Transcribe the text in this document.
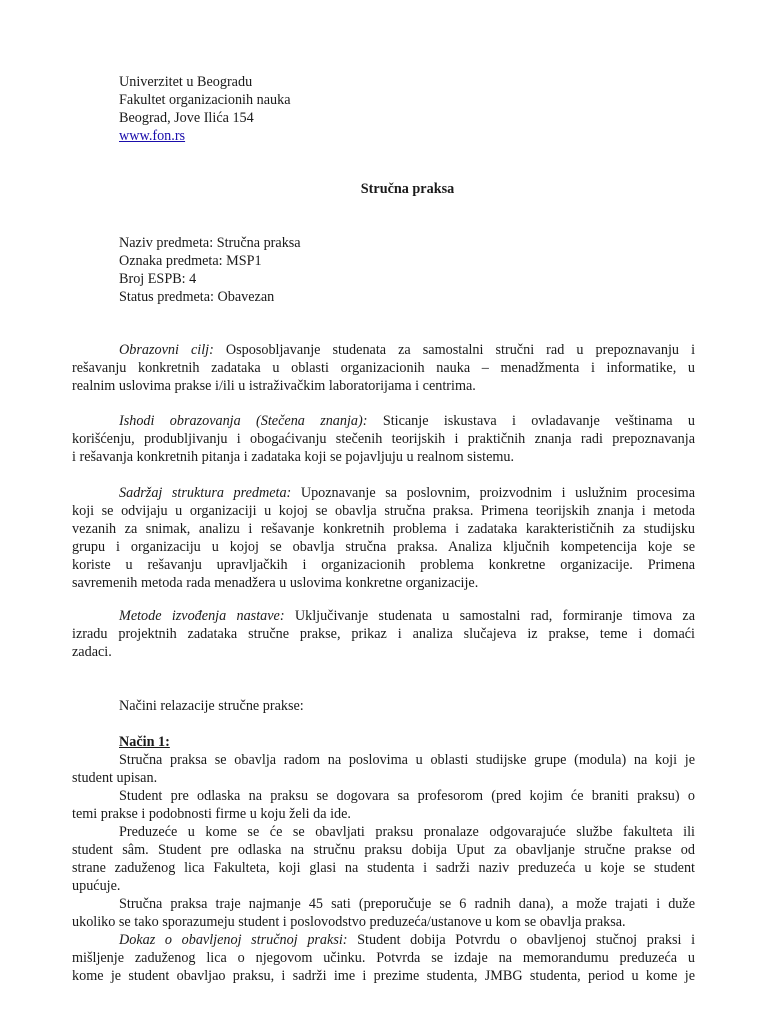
Univerzitet u Beogradu
Fakultet organizacionih nauka
Beograd, Jove Ilića 154
www.fon.rs
Stručna praksa
Naziv predmeta: Stručna praksa
Oznaka predmeta: MSP1
Broj ESPB: 4
Status predmeta: Obavezan
Obrazovni cilj: Osposobljavanje studenata za samostalni stručni rad u prepoznavanju i
rešavanju konkretnih zadataka u oblasti organizacionih nauka – menadžmenta i informatike, u
realnim uslovima prakse i/ili u istraživačkim laboratorijama i centrima.
Ishodi obrazovanja (Stečena znanja): Sticanje iskustava i ovladavanje veštinama u
korišćenju, produbljivanju i obogaćivanju stečenih teorijskih i praktičnih znanja radi prepoznavanja
i rešavanja konkretnih pitanja i zadataka koji se pojavljuju u realnom sistemu.
Sadržaj struktura predmeta: Upoznavanje sa poslovnim, proizvodnim i uslužnim procesima
koji se odvijaju u organizaciji u kojoj se obavlja stručna praksa. Primena teorijskih znanja i metoda
vezanih za snimak, analizu i rešavanje konkretnih problema i zadataka karakterističnih za studijsku
grupu i organizaciju u kojoj se obavlja stručna praksa. Analiza ključnih kompetencija koje se
koriste u rešavanju upravljačkih i organizacionih problema konkretne organizacije. Primena
savremenih metoda rada menadžera u uslovima konkretne organizacije.
Metode izvođenja nastave: Uključivanje studenata u samostalni rad, formiranje timova za
izradu projektnih zadataka stručne prakse, prikaz i analiza slučajeva iz prakse, teme i domaći
zadaci.
Načini relazacije stručne prakse:
Način 1:
Stručna praksa se obavlja radom na poslovima u oblasti studijske grupe (modula) na koji je
student upisan.
Student pre odlaska na praksu se dogovara sa profesorom (pred kojim će braniti praksu) o
temi prakse i podobnosti firme u koju želi da ide.
Preduzeće u kome se će se obavljati praksu pronalaze odgovarajuće službe fakulteta ili
student sâm. Student pre odlaska na stručnu praksu dobija Uput za obavljanje stručne prakse od
strane zaduženog lica Fakulteta, koji glasi na studenta i sadrži naziv preduzeća u koje se student
upućuje.
Stručna praksa traje najmanje 45 sati (preporučuje se 6 radnih dana), a može trajati i duže
ukoliko se tako sporazumeju student i poslovodstvo preduzeća/ustanove u kom se obavlja praksa.
Dokaz o obavljenoj stručnoj praksi: Student dobija Potvrdu o obavljenoj stučnoj praksi i
mišljenje zaduženog lica o njegovom učinku. Potvrda se izdaje na memorandumu preduzeća u
kome je student obavljao praksu, i sadrži ime i prezime studenta, JMBG studenta, period u kome je
